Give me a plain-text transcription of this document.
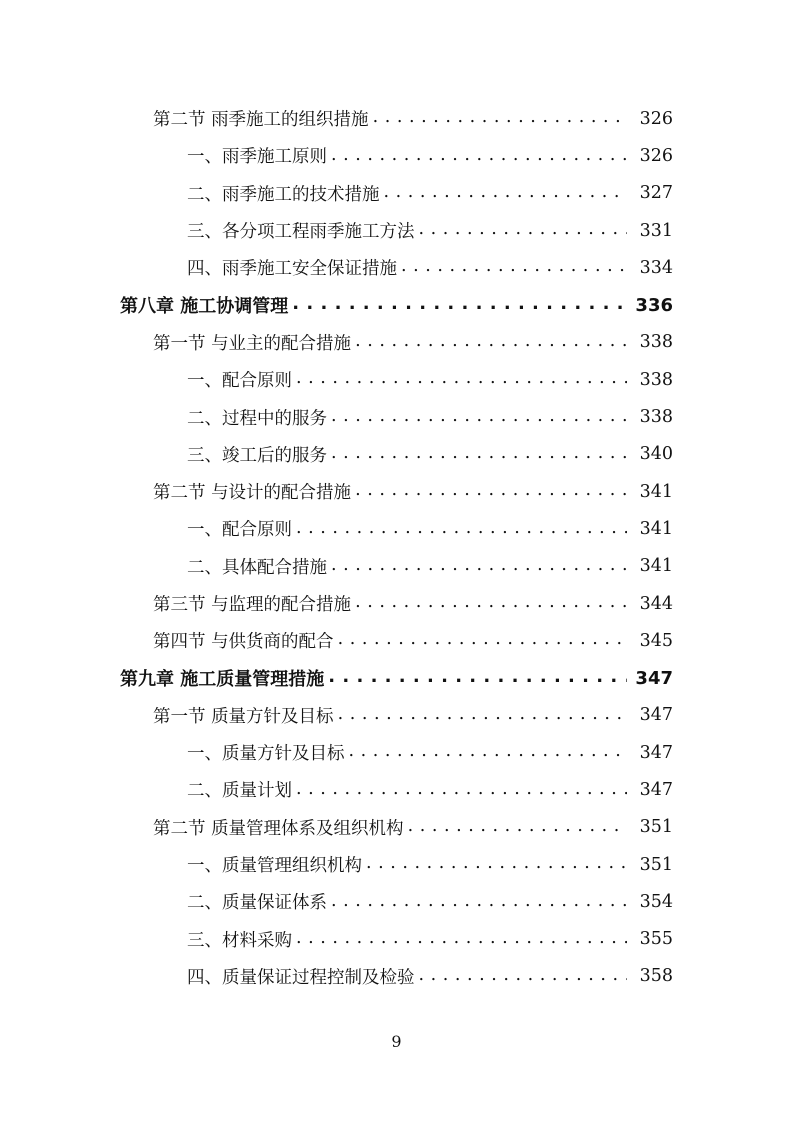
第二节 雨季施工的组织措施 . . .	326
一、雨季施工原则 . . .	326
二、雨季施工的技术措施 . . .	327
三、各分项工程雨季施工方法 . . .	331
四、雨季施工安全保证措施 . . .	334
第八章 施工协调管理 . . .	336
第一节 与业主的配合措施 . . .	338
一、配合原则 . . .	338
二、过程中的服务 . . .	338
三、竣工后的服务 . . .	340
第二节 与设计的配合措施 . . .	341
一、配合原则 . . .	341
二、具体配合措施 . . .	341
第三节 与监理的配合措施 . . .	344
第四节 与供货商的配合 . . .	345
第九章 施工质量管理措施 . . .	347
第一节 质量方针及目标 . . .	347
一、质量方针及目标 . . .	347
二、质量计划 . . .	347
第二节 质量管理体系及组织机构 . . .	351
一、质量管理组织机构 . . .	351
二、质量保证体系 . . .	354
三、材料采购 . . .	355
四、质量保证过程控制及检验 . . .	358
9
